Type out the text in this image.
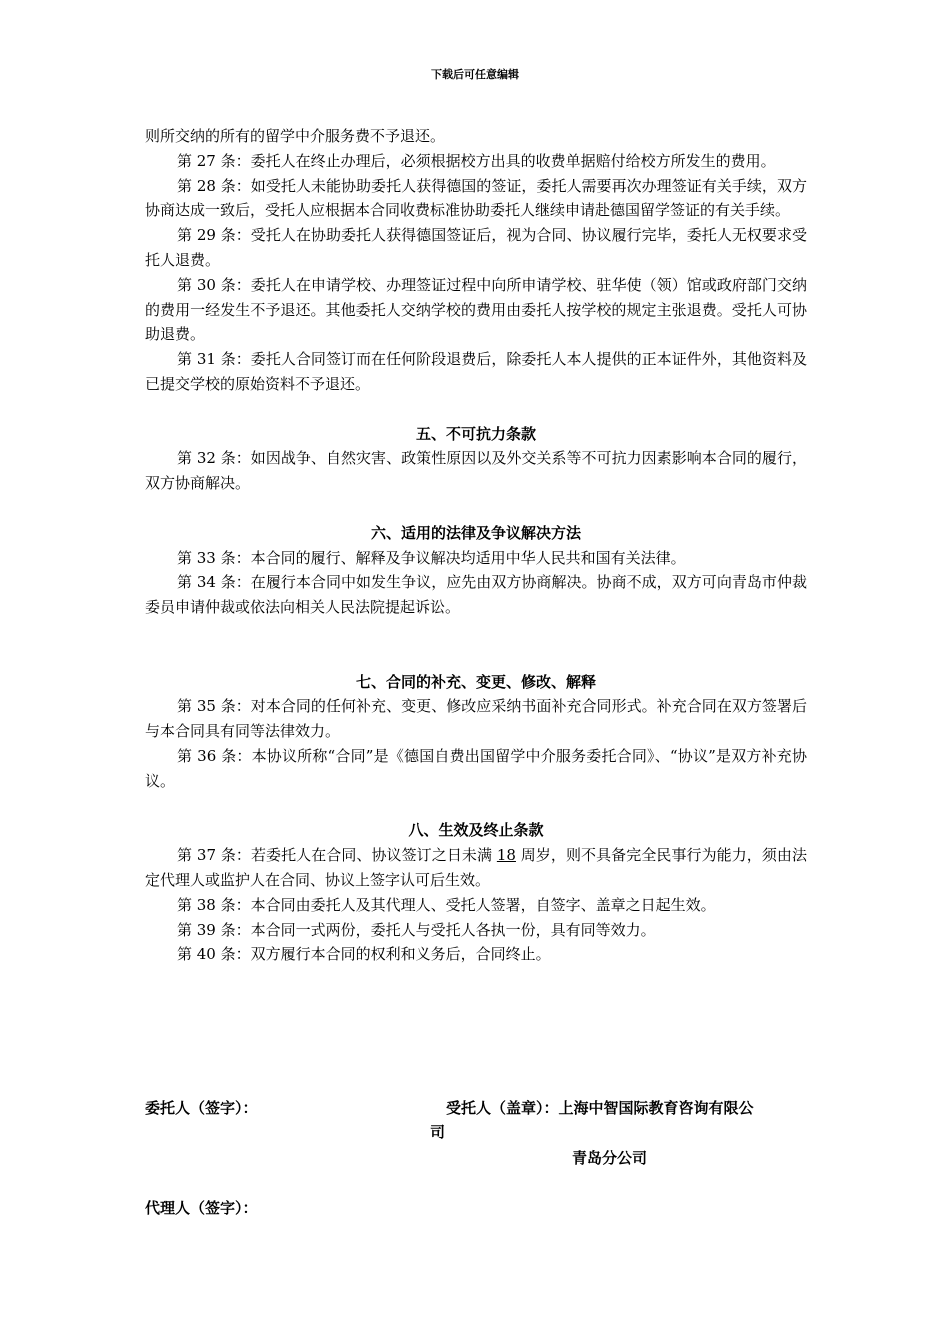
下载后可任意编辑

则所交纳的所有的留学中介服务费不予退还。

第 27 条：委托人在终止办理后，必须根据校方出具的收费单据赔付给校方所发生的费用。

第 28 条：如受托人未能协助委托人获得德国的签证，委托人需要再次办理签证有关手续，双方协商达成一致后，受托人应根据本合同收费标准协助委托人继续申请赴德国留学签证的有关手续。

第 29 条：受托人在协助委托人获得德国签证后，视为合同、协议履行完毕，委托人无权要求受托人退费。

第 30 条：委托人在申请学校、办理签证过程中向所申请学校、驻华使（领）馆或政府部门交纳的费用一经发生不予退还。其他委托人交纳学校的费用由委托人按学校的规定主张退费。受托人可协助退费。

第 31 条：委托人合同签订而在任何阶段退费后，除委托人本人提供的正本证件外，其他资料及已提交学校的原始资料不予退还。

五、不可抗力条款

第 32 条：如因战争、自然灾害、政策性原因以及外交关系等不可抗力因素影响本合同的履行，双方协商解决。

六、适用的法律及争议解决方法

第 33 条：本合同的履行、解释及争议解决均适用中华人民共和国有关法律。

第 34 条：在履行本合同中如发生争议，应先由双方协商解决。协商不成，双方可向青岛市仲裁委员申请仲裁或依法向相关人民法院提起诉讼。

七、合同的补充、变更、修改、解释

第 35 条：对本合同的任何补充、变更、修改应采纳书面补充合同形式。补充合同在双方签署后与本合同具有同等法律效力。

第 36 条：本协议所称“合同”是《德国自费出国留学中介服务委托合同》、“协议”是双方补充协议。

八、生效及终止条款

第 37 条：若委托人在合同、协议签订之日未满 18 周岁，则不具备完全民事行为能力，须由法定代理人或监护人在合同、协议上签字认可后生效。

第 38 条：本合同由委托人及其代理人、受托人签署，自签字、盖章之日起生效。

第 39 条：本合同一式两份，委托人与受托人各执一份，具有同等效力。

第 40 条：双方履行本合同的权利和义务后，合同终止。

委托人（签字）：	受托人（盖章）：上海中智国际教育咨询有限公
司
青岛分公司
代理人（签字）：
